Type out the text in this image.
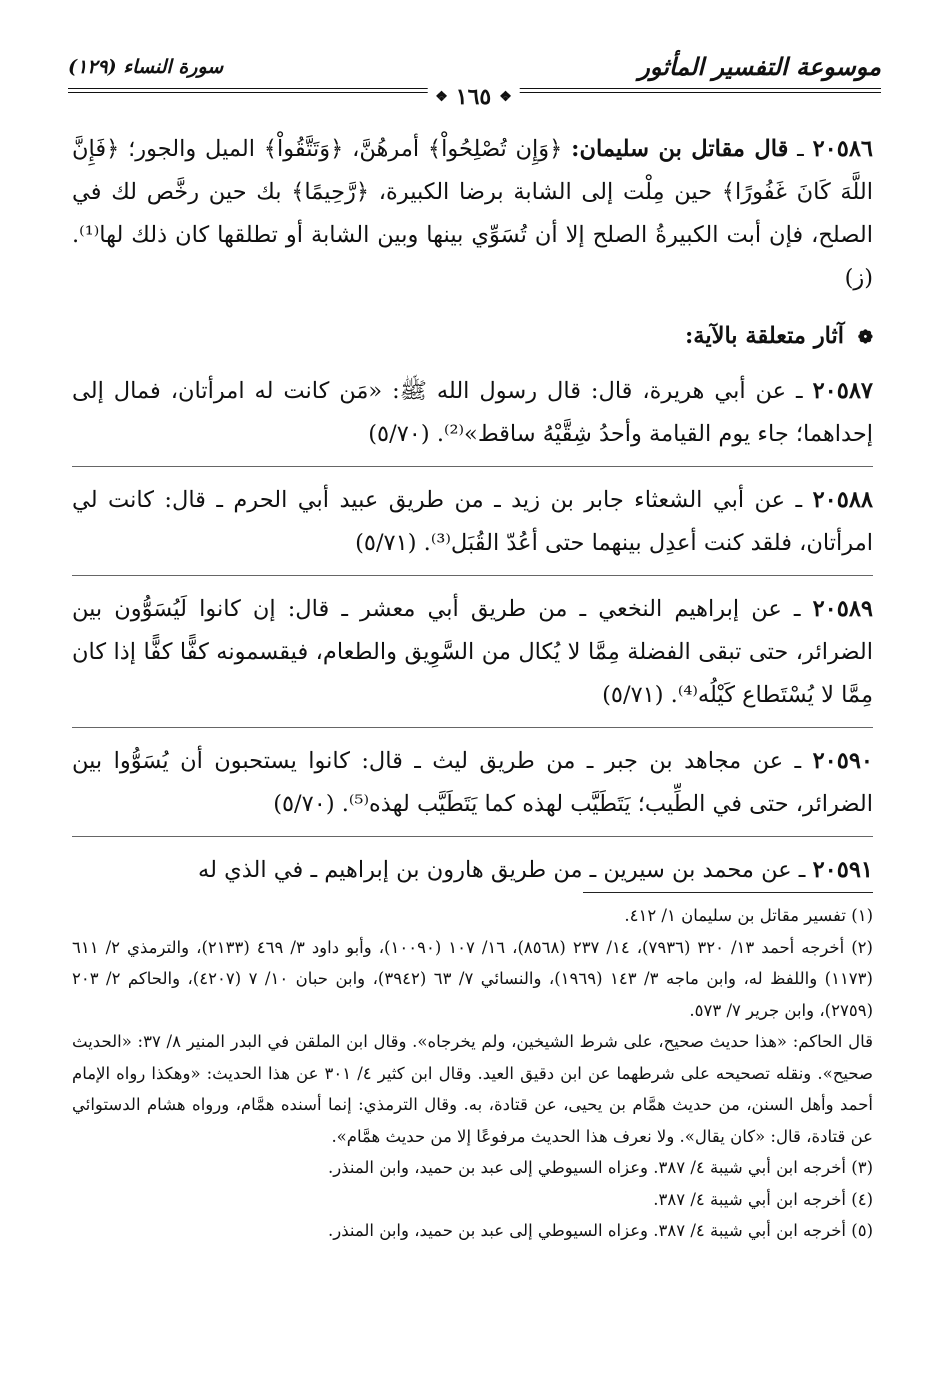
موسوعة التفسير المأثور
سورة النساء (١٢٩)
❖
١٦٥
❖

٢٠٥٨٦ ـ قال مقاتل بن سليمان: ﴿وَإِن تُصْلِحُواْ﴾ أمرهُنَّ، ﴿وَتَتَّقُواْ﴾ الميل والجور؛ ﴿فَإِنَّ اللَّهَ كَانَ غَفُورًا﴾ حين مِلْت إلى الشابة برضا الكبيرة، ﴿رَّحِيمًا﴾ بك حين رخَّص لك في الصلح، فإن أبت الكبيرةُ الصلح إلا أن تُسَوِّي بينها وبين الشابة أو تطلقها كان ذلك لها⁽¹⁾. (ز)

❁ آثار متعلقة بالآية:

٢٠٥٨٧ ـ عن أبي هريرة، قال: قال رسول الله ﷺ: «مَن كانت له امرأتان، فمال إلى إحداهما؛ جاء يوم القيامة وأحدُ شِقَّيْهُ ساقط»⁽²⁾. (٥/٧٠)

٢٠٥٨٨ ـ عن أبي الشعثاء جابر بن زيد ـ من طريق عبيد أبي الحرم ـ قال: كانت لي امرأتان، فلقد كنت أعدِل بينهما حتى أعُدّ القُبَل⁽³⁾. (٥/٧١)

٢٠٥٨٩ ـ عن إبراهيم النخعي ـ من طريق أبي معشر ـ قال: إن كانوا لَيُسَوُّون بين الضرائر، حتى تبقى الفضلة مِمَّا لا يُكال من السَّوِيق والطعام، فيقسمونه كفًّا كفًّا إذا كان مِمَّا لا يُسْتَطاع كَيْلُه⁽⁴⁾. (٥/٧١)

٢٠٥٩٠ ـ عن مجاهد بن جبر ـ من طريق ليث ـ قال: كانوا يستحبون أن يُسَوُّوا بين الضرائر، حتى في الطِّيب؛ يَتَطَيَّب لهذه كما يَتَطَيَّب لهذه⁽⁵⁾. (٥/٧٠)

٢٠٥٩١ ـ عن محمد بن سيرين ـ من طريق هارون بن إبراهيم ـ في الذي له

(١) تفسير مقاتل بن سليمان ١/ ٤١٢.

(٢) أخرجه أحمد ١٣/ ٣٢٠ (٧٩٣٦)، ١٤/ ٢٣٧ (٨٥٦٨)، ١٦/ ١٠٧ (١٠٠٩٠)، وأبو داود ٣/ ٤٦٩ (٢١٣٣)، والترمذي ٢/ ٦١١ (١١٧٣) واللفظ له، وابن ماجه ٣/ ١٤٣ (١٩٦٩)، والنسائي ٧/ ٦٣ (٣٩٤٢)، وابن حبان ١٠/ ٧ (٤٢٠٧)، والحاكم ٢/ ٢٠٣ (٢٧٥٩)، وابن جرير ٧/ ٥٧٣.

قال الحاكم: «هذا حديث صحيح، على شرط الشيخين، ولم يخرجاه». وقال ابن الملقن في البدر المنير ٨/ ٣٧: «الحديث صحيح». ونقله تصحيحه على شرطهما عن ابن دقيق العيد. وقال ابن كثير ٤/ ٣٠١ عن هذا الحديث: «وهكذا رواه الإمام أحمد وأهل السنن، من حديث همَّام بن يحيى، عن قتادة، به. وقال الترمذي: إنما أسنده همَّام، ورواه هشام الدستوائي عن قتادة، قال: «كان يقال». ولا نعرف هذا الحديث مرفوعًا إلا من حديث همَّام».

(٣) أخرجه ابن أبي شيبة ٤/ ٣٨٧. وعزاه السيوطي إلى عبد بن حميد، وابن المنذر.

(٤) أخرجه ابن أبي شيبة ٤/ ٣٨٧.

(٥) أخرجه ابن أبي شيبة ٤/ ٣٨٧. وعزاه السيوطي إلى عبد بن حميد، وابن المنذر.
